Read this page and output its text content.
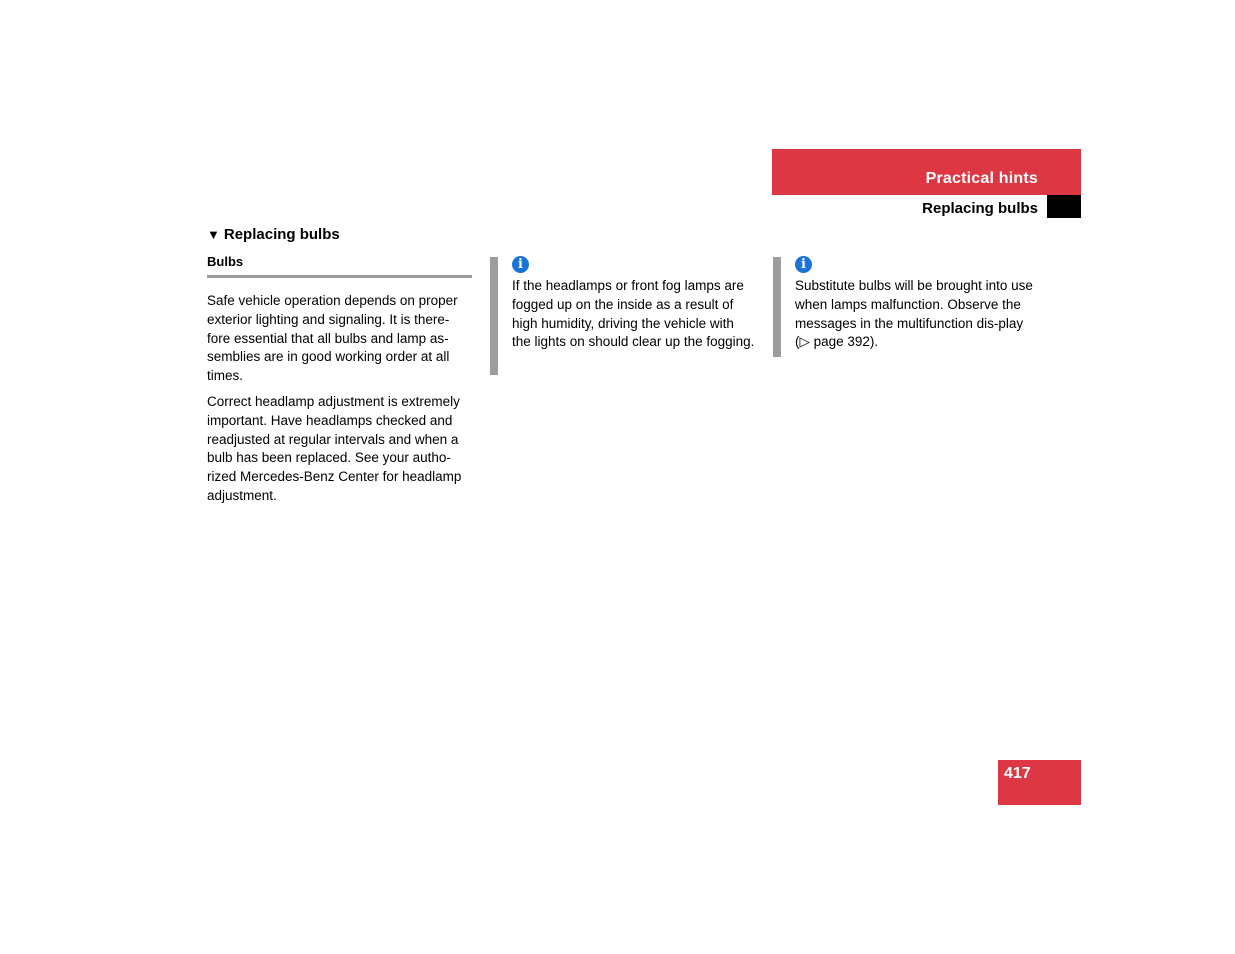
Practical hints
Replacing bulbs
▼ Replacing bulbs
Bulbs

Safe vehicle operation depends on proper exterior lighting and signaling. It is there-fore essential that all bulbs and lamp as-semblies are in good working order at all times.

Correct headlamp adjustment is extremely important. Have headlamps checked and readjusted at regular intervals and when a bulb has been replaced. See your autho-rized Mercedes-Benz Center for headlamp adjustment.

i

If the headlamps or front fog lamps are fogged up on the inside as a result of high humidity, driving the vehicle with the lights on should clear up the fogging.

i

Substitute bulbs will be brought into use when lamps malfunction. Observe the messages in the multifunction dis-play (▷ page 392).

417
